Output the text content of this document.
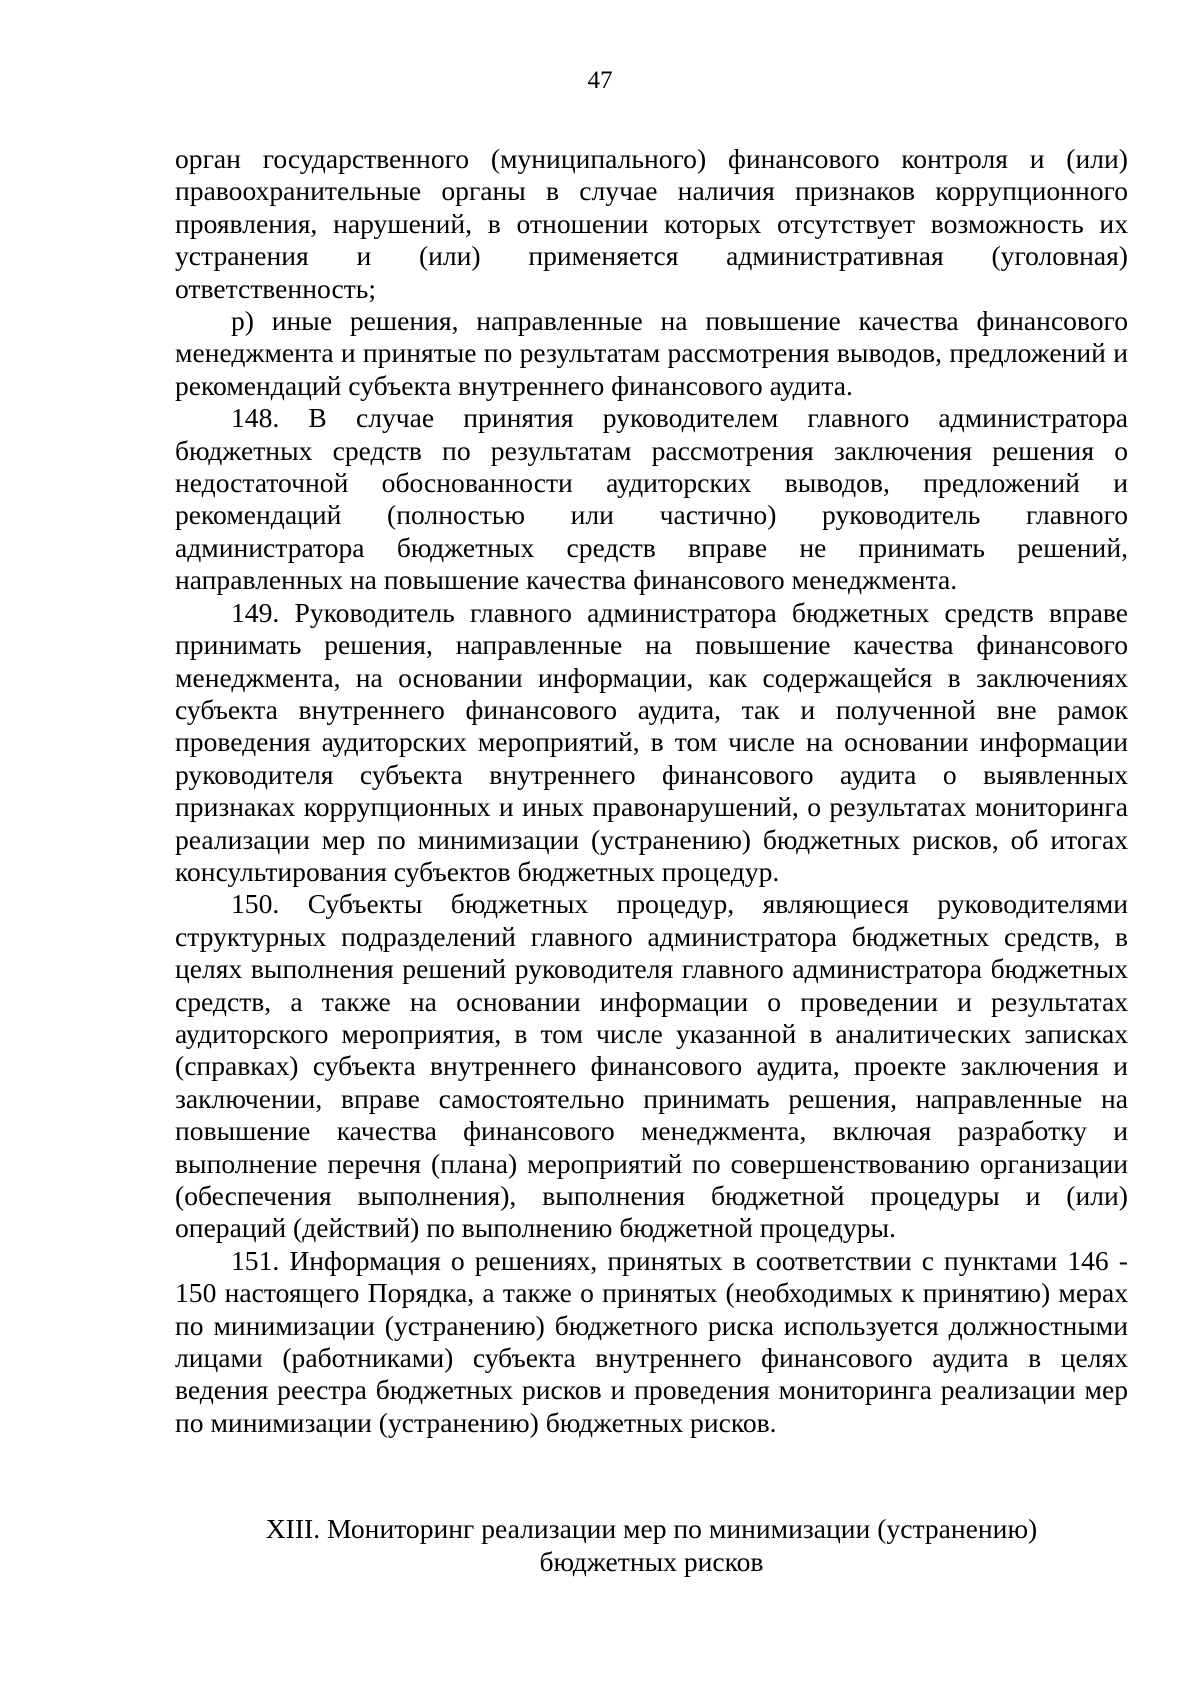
47

орган государственного (муниципального) финансового контроля и (или) правоохранительные органы в случае наличия признаков коррупционного проявления, нарушений, в отношении которых отсутствует возможность их устранения и (или) применяется административная (уголовная) ответственность;

р) иные решения, направленные на повышение качества финансового менеджмента и принятые по результатам рассмотрения выводов, предложений и рекомендаций субъекта внутреннего финансового аудита.

148. В случае принятия руководителем главного администратора бюджетных средств по результатам рассмотрения заключения решения о недостаточной обоснованности аудиторских выводов, предложений и рекомендаций (полностью или частично) руководитель главного администратора бюджетных средств вправе не принимать решений, направленных на повышение качества финансового менеджмента.

149. Руководитель главного администратора бюджетных средств вправе принимать решения, направленные на повышение качества финансового менеджмента, на основании информации, как содержащейся в заключениях субъекта внутреннего финансового аудита, так и полученной вне рамок проведения аудиторских мероприятий, в том числе на основании информации руководителя субъекта внутреннего финансового аудита о выявленных признаках коррупционных и иных правонарушений, о результатах мониторинга реализации мер по минимизации (устранению) бюджетных рисков, об итогах консультирования субъектов бюджетных процедур.

150. Субъекты бюджетных процедур, являющиеся руководителями структурных подразделений главного администратора бюджетных средств, в целях выполнения решений руководителя главного администратора бюджетных средств, а также на основании информации о проведении и результатах аудиторского мероприятия, в том числе указанной в аналитических записках (справках) субъекта внутреннего финансового аудита, проекте заключения и заключении, вправе самостоятельно принимать решения, направленные на повышение качества финансового менеджмента, включая разработку и выполнение перечня (плана) мероприятий по совершенствованию организации (обеспечения выполнения), выполнения бюджетной процедуры и (или) операций (действий) по выполнению бюджетной процедуры.

151. Информация о решениях, принятых в соответствии с пунктами 146 - 150 настоящего Порядка, а также о принятых (необходимых к принятию) мерах по минимизации (устранению) бюджетного риска используется должностными лицами (работниками) субъекта внутреннего финансового аудита в целях ведения реестра бюджетных рисков и проведения мониторинга реализации мер по минимизации (устранению) бюджетных рисков.

XIII. Мониторинг реализации мер по минимизации (устранению)
бюджетных рисков
